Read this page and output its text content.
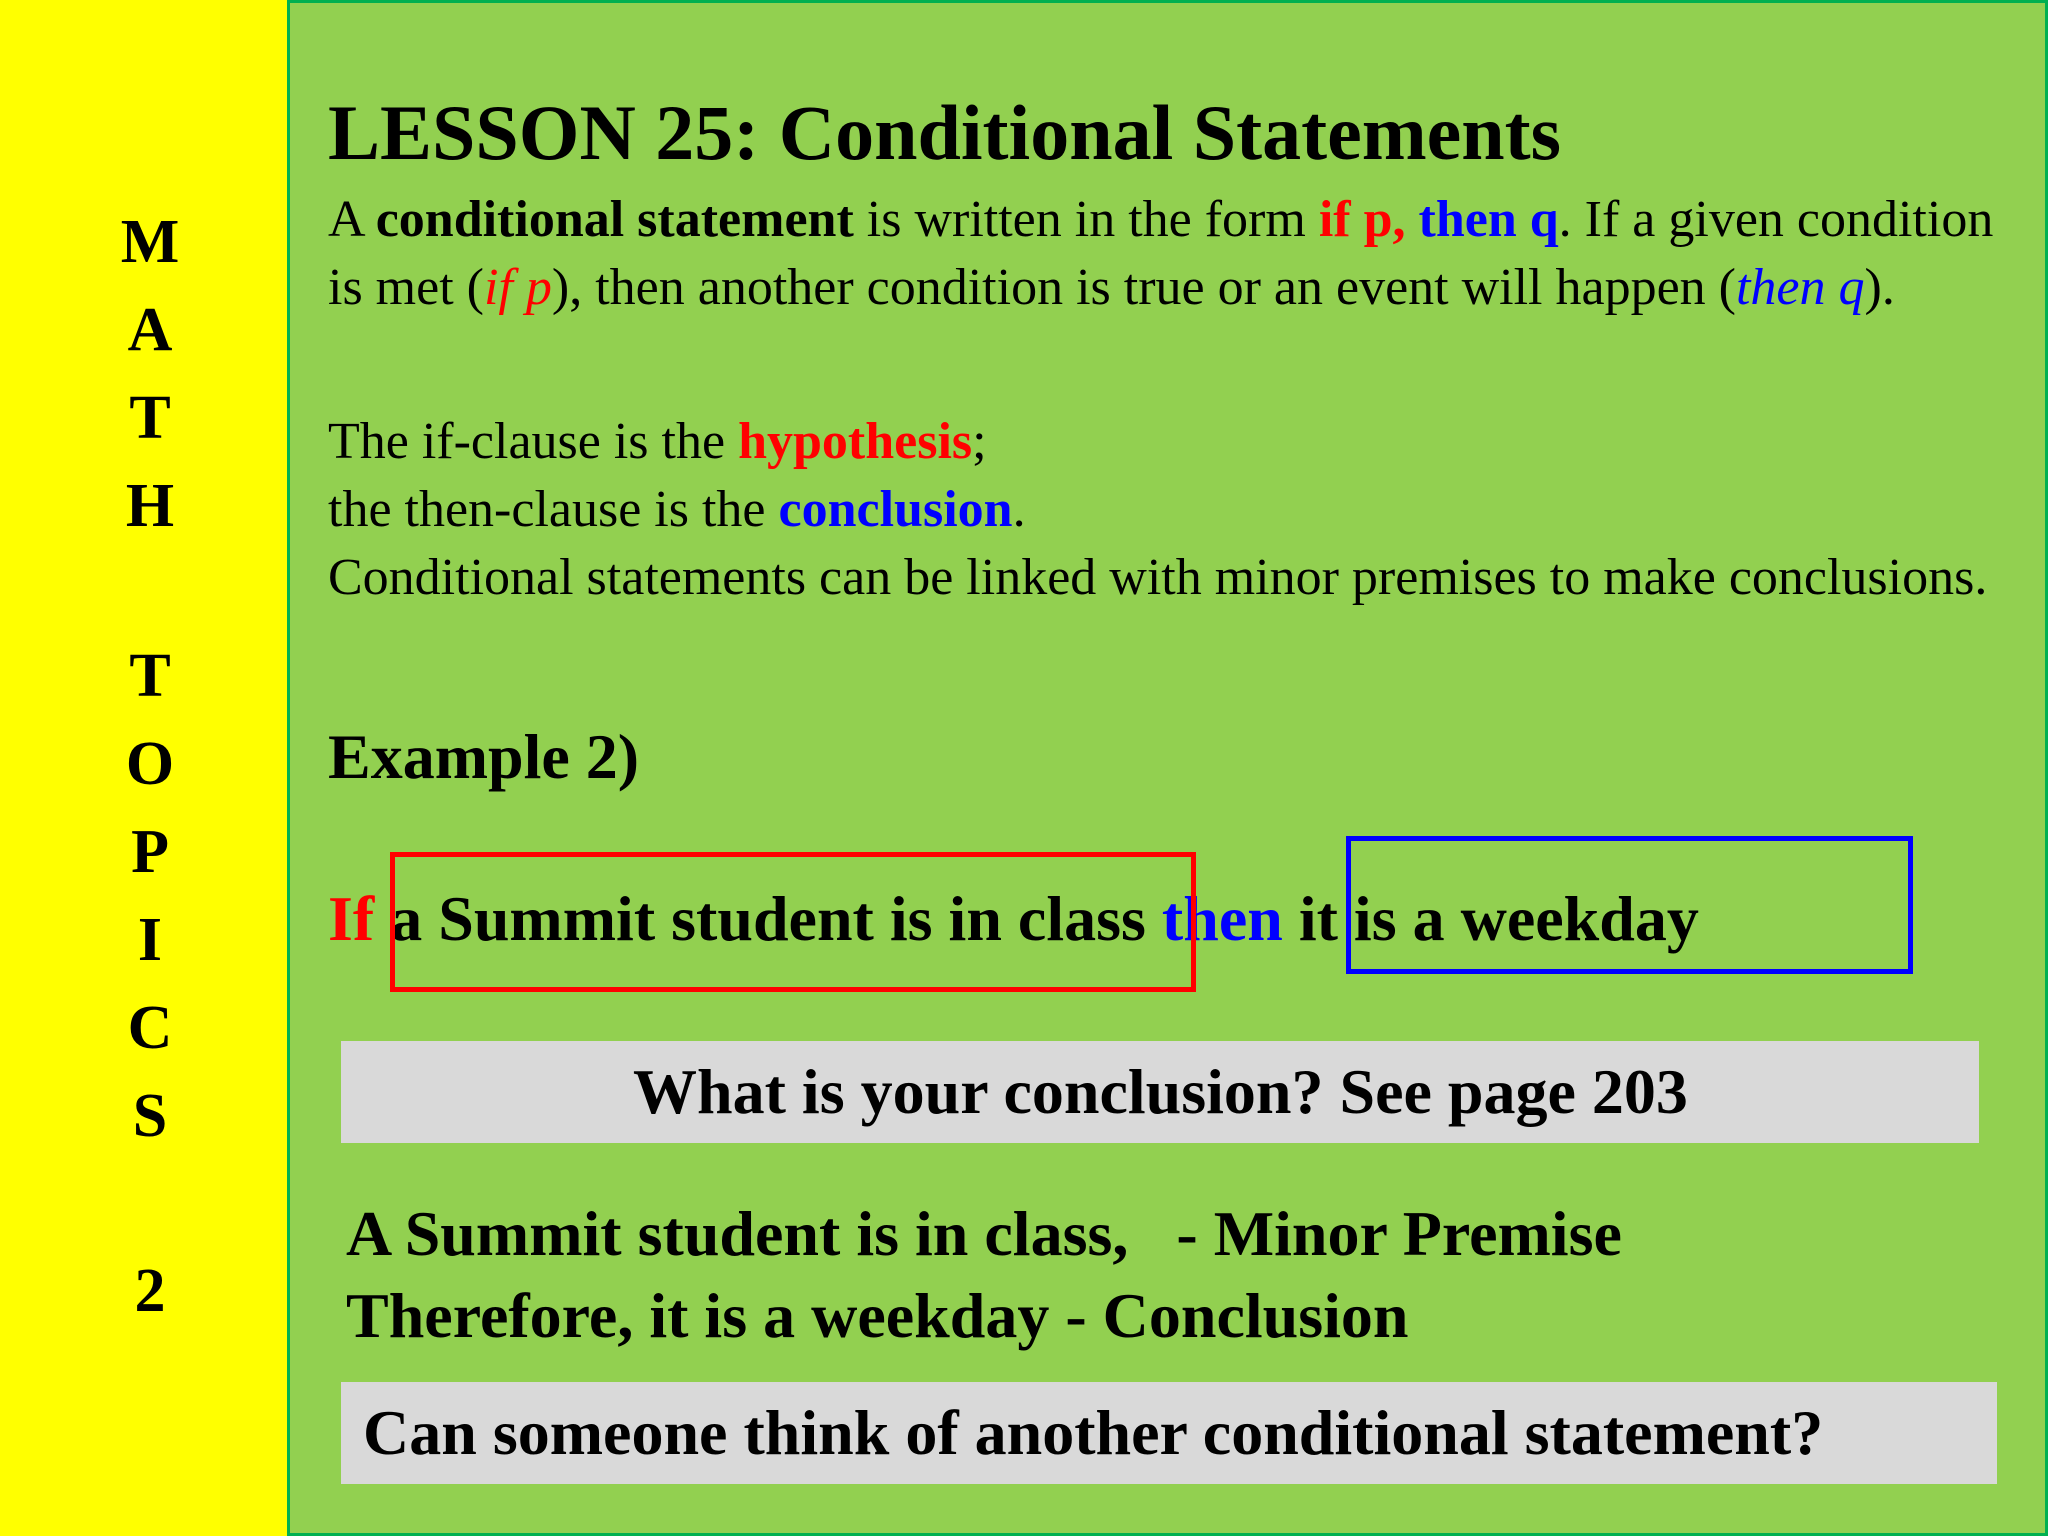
M
A
T
H
T
O
P
I
C
S
2
LESSON 25: Conditional Statements

A conditional statement is written in the form if p, then q. If a given condition is met (if p), then another condition is true or an event will happen (then q).

The if-clause is the hypothesis;
the then-clause is the conclusion.
Conditional statements can be linked with minor premises to make conclusions.

Example 2)

If a Summit student is in class then it is a weekday

What is your conclusion? See page 203

A Summit student is in class,   - Minor Premise

Therefore, it is a weekday - Conclusion

Can someone think of another conditional statement?
